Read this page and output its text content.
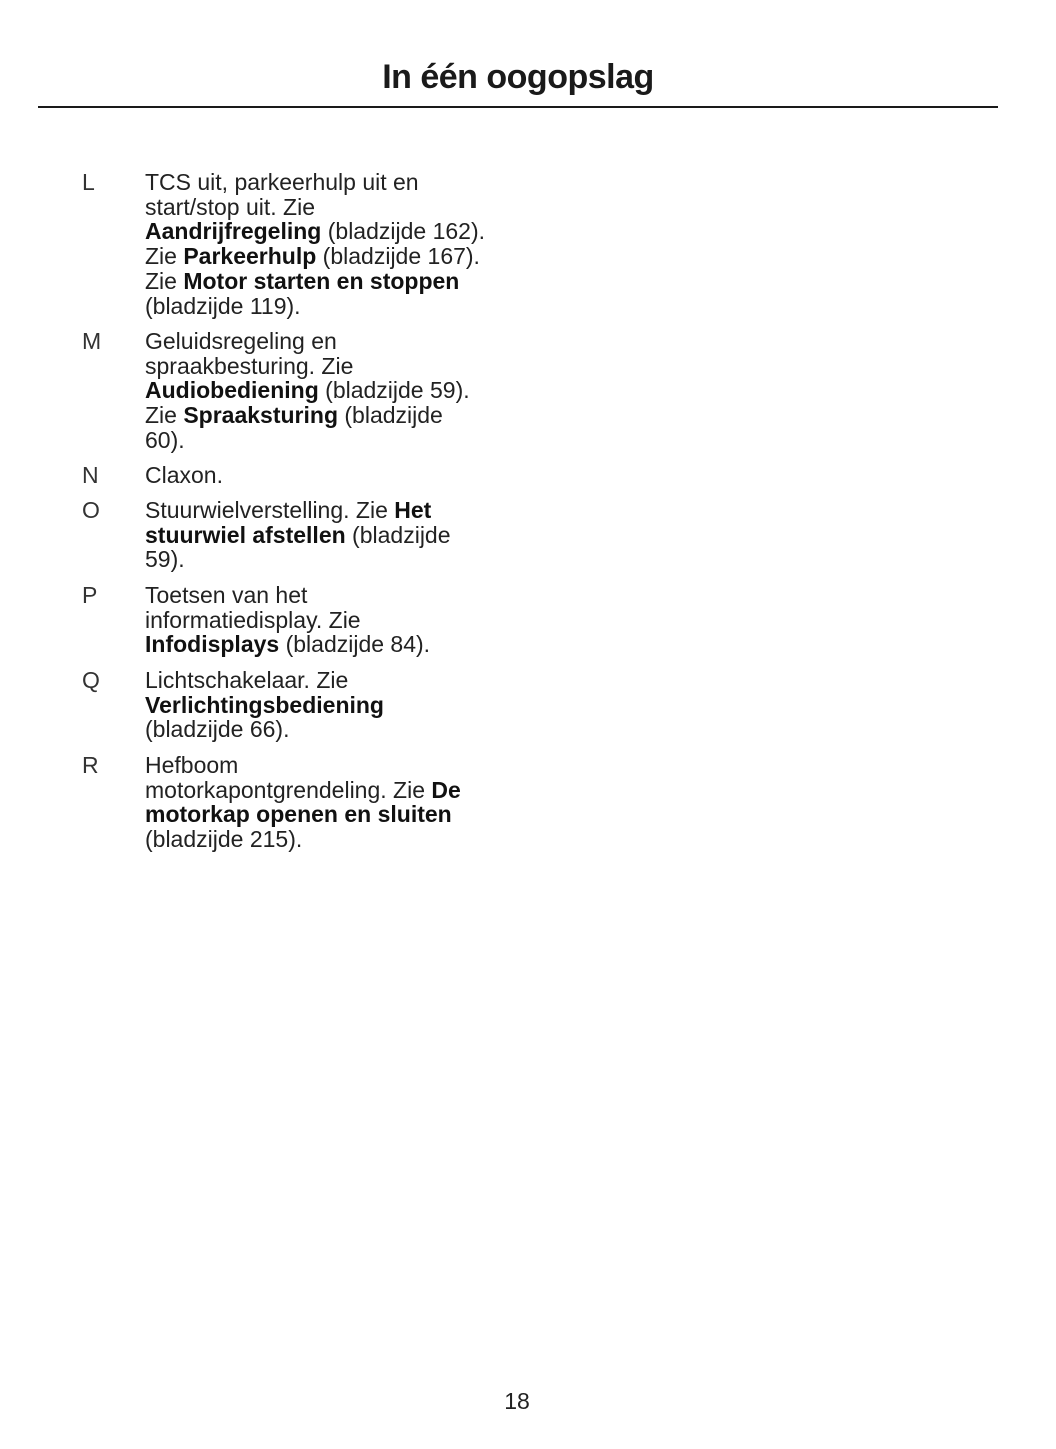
In één oogopslag
L TCS uit, parkeerhulp uit en
start/stop uit. Zie
Aandrijfregeling (bladzijde 162).
Zie Parkeerhulp (bladzijde 167).
Zie Motor starten en stoppen
(bladzijde 119).
M Geluidsregeling en
spraakbesturing. Zie
Audiobediening (bladzijde 59).
Zie Spraaksturing (bladzijde
60).
N Claxon.
O Stuurwielverstelling. Zie Het
stuurwiel afstellen (bladzijde
59).
P Toetsen van het
informatiedisplay. Zie
Infodisplays (bladzijde 84).
Q Lichtschakelaar. Zie
Verlichtingsbediening
(bladzijde 66).
R Hefboom
motorkapontgrendeling. Zie De
motorkap openen en sluiten
(bladzijde 215).
18
